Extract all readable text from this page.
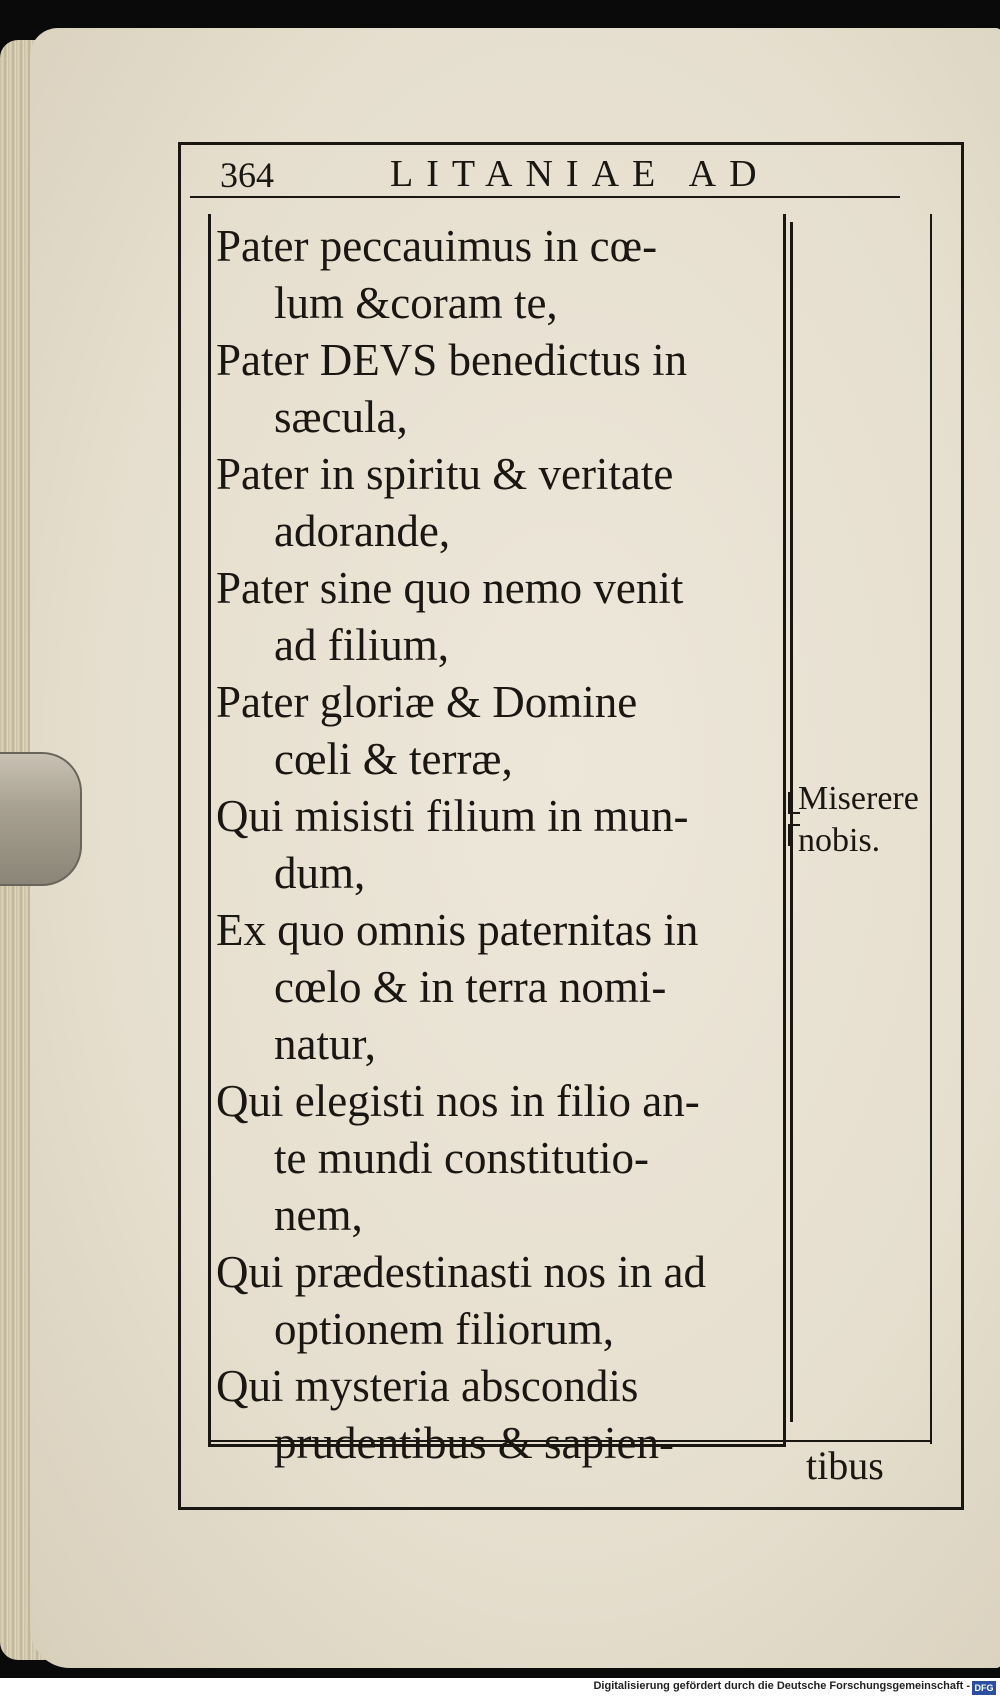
364	LITANIAE AD
Pater peccauimus in cœ-
lum &coram te,
Pater DEVS benedictus in
sæcula,
Pater in spiritu & veritate
adorande,
Pater sine quo nemo venit
ad filium,
Pater gloriæ & Domine
cœli & terræ,
Qui misisti filium in mun-
dum,
Ex quo omnis paternitas in
cœlo & in terra nomi-
natur,
Qui elegisti nos in filio an-
te mundi constitutio-
nem,
Qui prædestinasti nos in ad
optionem filiorum,
Qui mysteria abscondis
prudentibus & sapien-
Miserere
nobis.
tibus
Digitalisierung gefördert durch die Deutsche Forschungsgemeinschaft - DFG
